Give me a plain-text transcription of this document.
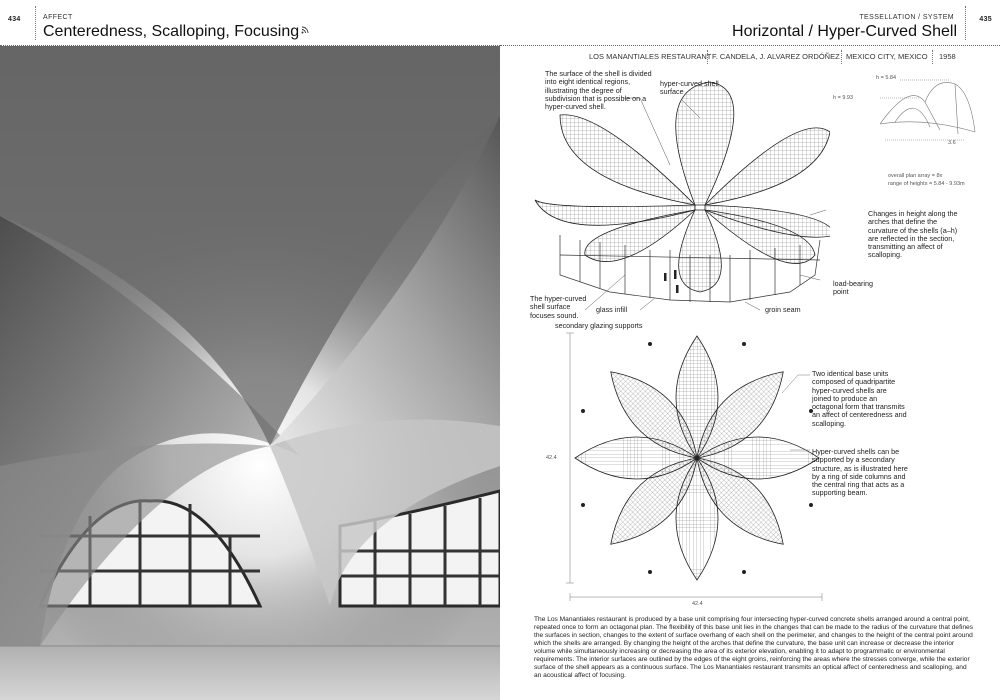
434	AFFECT
Centeredness, Scalloping, Focusing
TESSELLATION / SYSTEM
Horizontal / Hyper-Curved Shell
435
LOS MANANTIALES RESTAURANT F. CANDELA, J. ALVAREZ ORDÓÑEZ MEXICO CITY, MEXICO 1958
The surface of the shell is divided into eight identical regions, illustrating the degree of subdivision that is possible on a hyper-curved shell.
hyper-curved shell surface
Changes in height along the arches that define the curvature of the shells (a–h) are reflected in the section, transmitting an affect of scalloping.
load-bearing point
The hyper-curved shell surface focuses sound.
glass infill	groin seam
secondary glazing supports
h = 5.84
h = 9.93
3.6
overall plan array = 8x
range of heights = 5.84 - 9.93m
42.4
42.4
Two identical base units composed of quadripartite hyper-curved shells are joined to produce an octagonal form that transmits an affect of centeredness and scalloping.
Hyper-curved shells can be supported by a secondary structure, as is illustrated here by a ring of side columns and the central ring that acts as a supporting beam.
The Los Manantiales restaurant is produced by a base unit comprising four intersecting hyper-curved concrete shells arranged around a central point, repeated once to form an octagonal plan. The flexibility of this base unit lies in the changes that can be made to the radius of the curvature that defines the surfaces in section, changes to the extent of surface overhang of each shell on the perimeter, and changes to the height of the central point around which the shells are arranged. By changing the height of the arches that define the curvature, the base unit can increase or decrease the interior volume while simultaneously increasing or decreasing the area of its exterior elevation, enabling it to adapt to programmatic or environmental requirements. The interior surfaces are outlined by the edges of the eight groins, reinforcing the areas where the stresses converge, while the exterior surface of the shell appears as a continuous surface. The Los Manantiales restaurant transmits an optical affect of centeredness and scalloping, and an acoustical affect of focusing.
